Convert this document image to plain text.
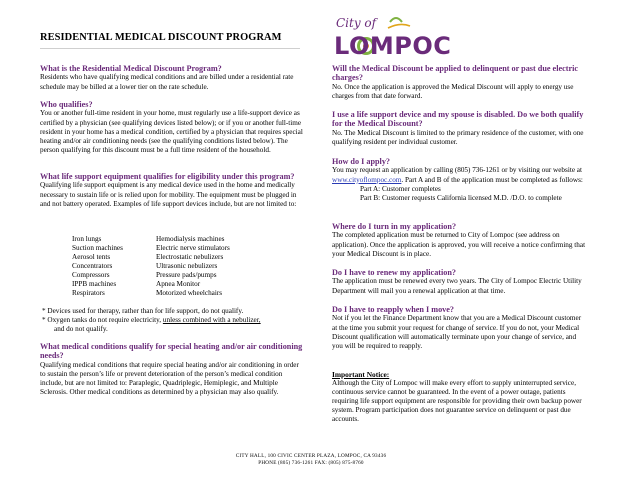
RESIDENTIAL MEDICAL DISCOUNT PROGRAM
City of
LOMPOC

What is the Residential Medical Discount Program?

Residents who have qualifying medical conditions and are billed under a residential rate schedule may be billed at a lower tier on the rate schedule.

Who qualifies?

You or another full-time resident in your home, must regularly use a life-support device as certified by a physician (see qualifying devices listed below); or if you or another full-time resident in your home has a medical condition, certified by a physician that requires special heating and/or air conditioning needs (see the qualifying conditions listed below). The person qualifying for this discount must be a full time resident of the household.

What life support equipment qualifies for eligibility under this program?

Qualifying life support equipment is any medical device used in the home and medically necessary to sustain life or is relied upon for mobility. The equipment must be plugged in and not battery operated. Examples of life support devices include, but are not limited to:

Iron lungs
Suction machines
Aerosol tents
Concentrators
Compressors
IPPB machines
Respirators
Hemodialysis machines
Electric nerve stimulators
Electrostatic nebulizers
Ultrasonic nebulizers
Pressure pads/pumps
Apnea Monitor
Motorized wheelchairs
* Devices used for therapy, rather than for life support, do not qualify.
* Oxygen tanks do not require electricity, unless combined with a nebulizer,
and do not qualify.

What medical conditions qualify for special heating and/or air conditioning needs?

Qualifying medical conditions that require special heating and/or air conditioning in order to sustain the person’s life or prevent deterioration of the person’s medical condition include, but are not limited to: Paraplegic, Quadriplegic, Hemiplegic, and Multiple Sclerosis. Other medical conditions as determined by a physician may also qualify.

Will the Medical Discount be applied to delinquent or past due electric charges?

No. Once the application is approved the Medical Discount will apply to energy use charges from that date forward.

I use a life support device and my spouse is disabled. Do we both qualify for the Medical Discount?

No. The Medical Discount is limited to the primary residence of the customer, with one qualifying resident per individual customer.

How do I apply?

You may request an application by calling (805) 736-1261 or by visiting our website at www.cityoflompoc.com. Part A and B of the application must be completed as follows:

Part A: Customer completes

Part B: Customer requests California licensed M.D. /D.O. to complete

Where do I turn in my application?

The completed application must be returned to City of Lompoc (see address on application). Once the application is approved, you will receive a notice confirming that your Medical Discount is in place.

Do I have to renew my application?

The application must be renewed every two years. The City of Lompoc Electric Utility Department will mail you a renewal application at that time.

Do I have to reapply when I move?

Not if you let the Finance Department know that you are a Medical Discount customer at the time you submit your request for change of service. If you do not, your Medical Discount qualification will automatically terminate upon your change of service, and you will be required to reapply.

Important Notice:

Although the City of Lompoc will make every effort to supply uninterrupted service, continuous service cannot be guaranteed. In the event of a power outage, patients requiring life support equipment are responsible for providing their own backup power system. Program participation does not guarantee service on delinquent or past due accounts.

CITY HALL, 100 CIVIC CENTER PLAZA, LOMPOC, CA 93436
PHONE (805) 736-1261 FAX: (805) 875-8760
